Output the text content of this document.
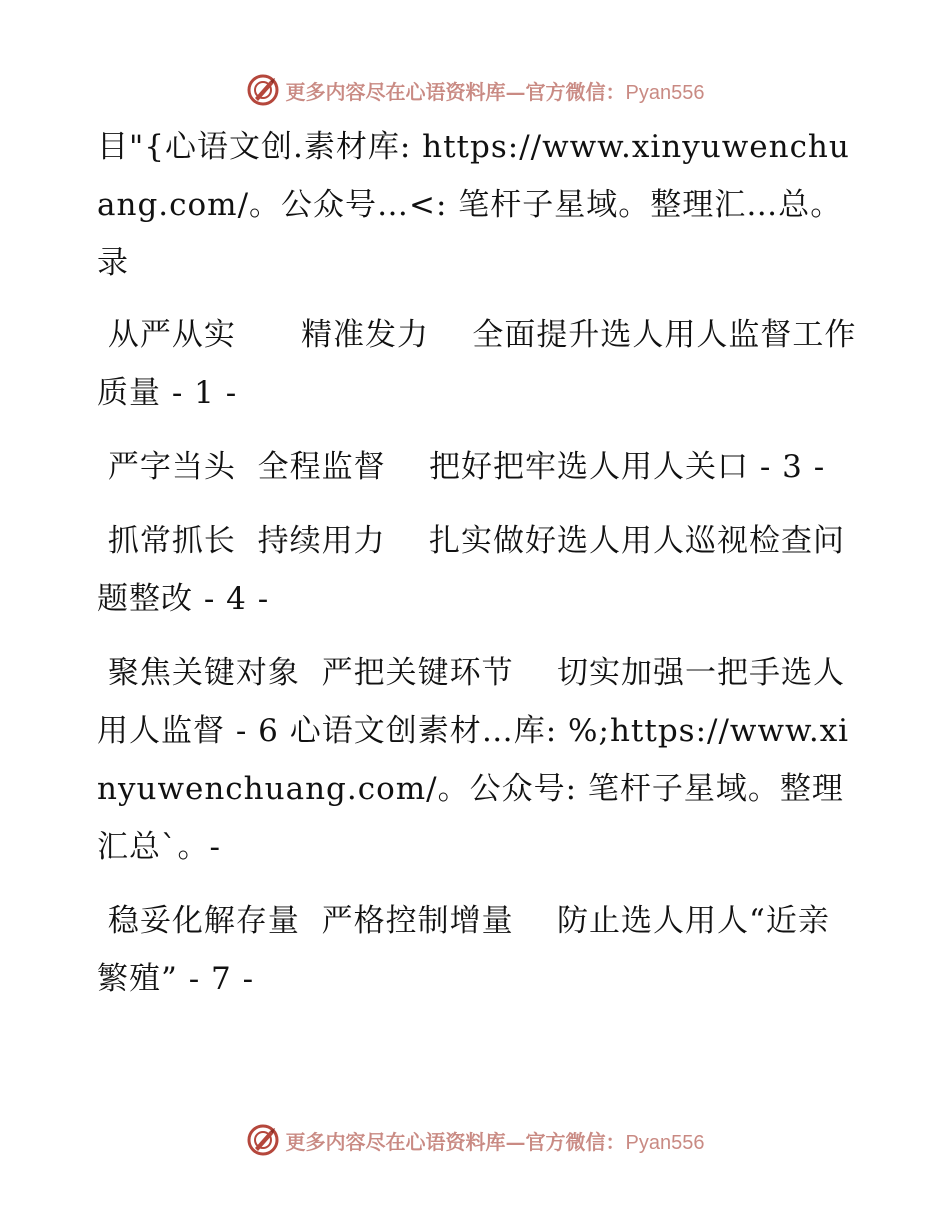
更多内容尽在心语资料库—官方微信：Pyan556

目"{心语文创.素材库: https://www.xinyuwenchuang.com/。公众号…<: 笔杆子星域。整理汇…总。录

从严从实      精准发力    全面提升选人用人监督工作质量 - 1 -

严字当头  全程监督    把好把牢选人用人关口 - 3 -

抓常抓长  持续用力    扎实做好选人用人巡视检查问题整改 - 4 -

聚焦关键对象  严把关键环节    切实加强一把手选人用人监督 - 6 心语文创素材…库: %;https://www.xinyuwenchuang.com/。公众号: 笔杆子星域。整理汇总`。-

稳妥化解存量  严格控制增量    防止选人用人“近亲繁殖” - 7 -

更多内容尽在心语资料库—官方微信：Pyan556
